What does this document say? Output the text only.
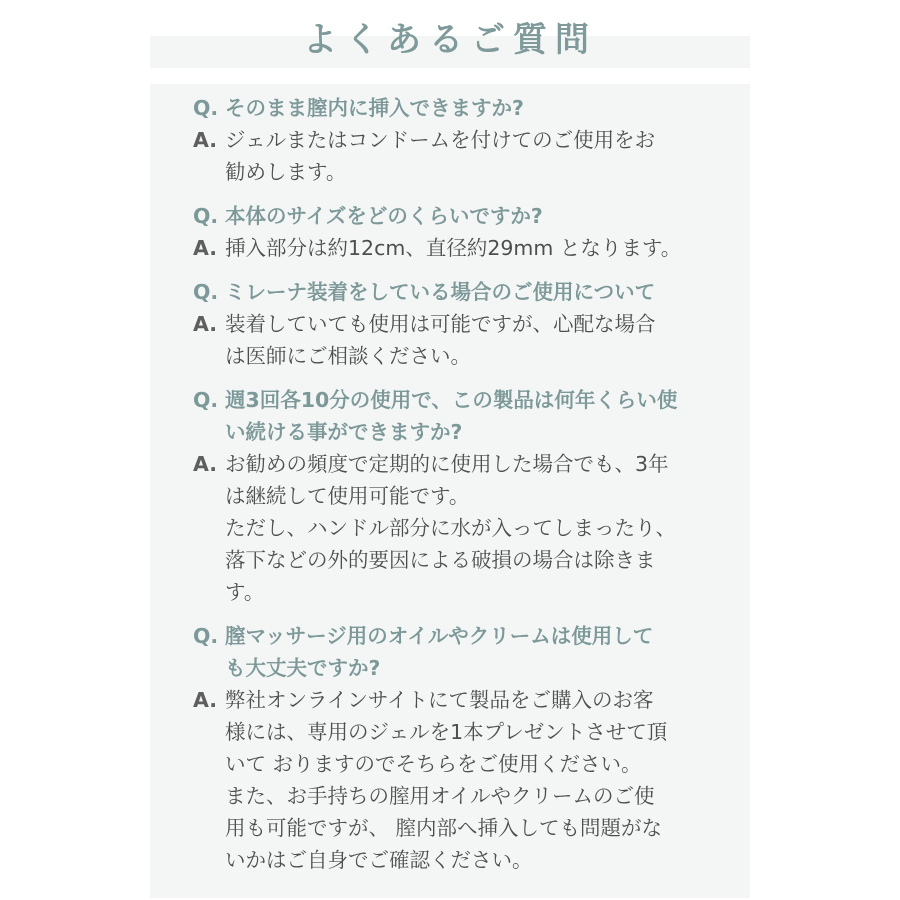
よくあるご質問
Q. そのまま膣内に挿入できますか?
A. ジェルまたはコンドームを付けてのご使用をお
勧めします。
Q. 本体のサイズをどのくらいですか?
A. 挿入部分は約12cm、直径約29mm となります。
Q. ミレーナ装着をしている場合のご使用について
A. 装着していても使用は可能ですが、心配な場合
は医師にご相談ください。
Q. 週3回各10分の使用で、この製品は何年くらい使
い続ける事ができますか?
A. お勧めの頻度で定期的に使用した場合でも、3年
は継続して使用可能です。
ただし、ハンドル部分に水が入ってしまったり、
落下などの外的要因による破損の場合は除きま
す。
Q. 膣マッサージ用のオイルやクリームは使用して
も大丈夫ですか?
A. 弊社オンラインサイトにて製品をご購入のお客
様には、専用のジェルを1本プレゼントさせて頂
いて おりますのでそちらをご使用ください。
また、お手持ちの膣用オイルやクリームのご使
用も可能ですが、 膣内部へ挿入しても問題がな
いかはご自身でご確認ください。
